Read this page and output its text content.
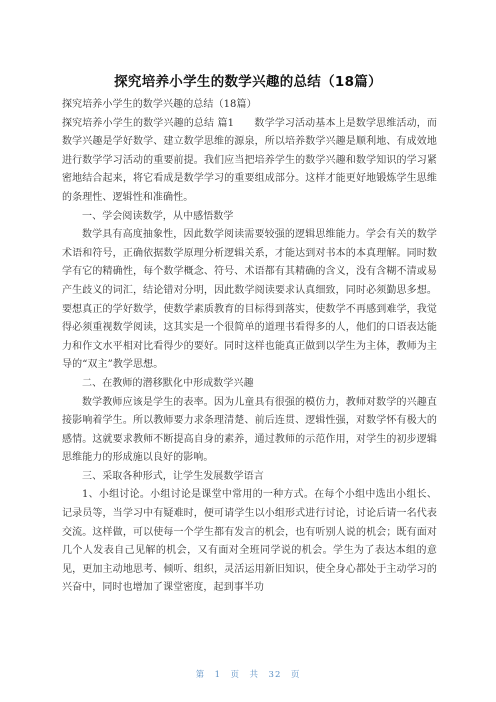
探究培养小学生的数学兴趣的总结（18篇）

探究培养小学生的数学兴趣的总结（18篇）

探究培养小学生的数学兴趣的总结 篇1　　数学学习活动基本上是数学思维活动，而数学兴趣是学好数学、建立数学思维的源泉，所以培养数学兴趣是顺利地、有成效地进行数学学习活动的重要前提。我们应当把培养学生的数学兴趣和数学知识的学习紧密地结合起来，将它看成是数学学习的重要组成部分。这样才能更好地锻炼学生思维的条理性、逻辑性和准确性。

一、学会阅读数学，从中感悟数学

数学具有高度抽象性，因此数学阅读需要较强的逻辑思维能力。学会有关的数学术语和符号，正确依据数学原理分析逻辑关系，才能达到对书本的本真理解。同时数学有它的精确性，每个数学概念、符号、术语都有其精确的含义，没有含糊不清或易产生歧义的词汇，结论错对分明，因此数学阅读要求认真细致，同时必须勤思多想。要想真正的学好数学，使数学素质教育的目标得到落实，使数学不再感到难学，我觉得必须重视数学阅读，这其实是一个很简单的道理书看得多的人，他们的口语表达能力和作文水平相对比看得少的要好。同时这样也能真正做到以学生为主体，教师为主导的“双主”教学思想。

二、在教师的潜移默化中形成数学兴趣

数学教师应该是学生的表率。因为儿童具有很强的模仿力，教师对数学的兴趣直接影响着学生。所以教师要力求条理清楚、前后连贯、逻辑性强，对数学怀有极大的感情。这就要求教师不断提高自身的素养，通过教师的示范作用，对学生的初步逻辑思维能力的形成施以良好的影响。

三、采取各种形式，让学生发展数学语言

1、小组讨论。小组讨论是课堂中常用的一种方式。在每个小组中选出小组长、记录员等，当学习中有疑难时，便可请学生以小组形式进行讨论，讨论后请一名代表交流。这样做，可以使每一个学生都有发言的机会，也有听别人说的机会；既有面对几个人发表自己见解的机会，又有面对全班同学说的机会。学生为了表达本组的意见，更加主动地思考、倾听、组织，灵活运用新旧知识，使全身心都处于主动学习的兴奋中，同时也增加了课堂密度，起到事半功

第　1　页　共　32　页
